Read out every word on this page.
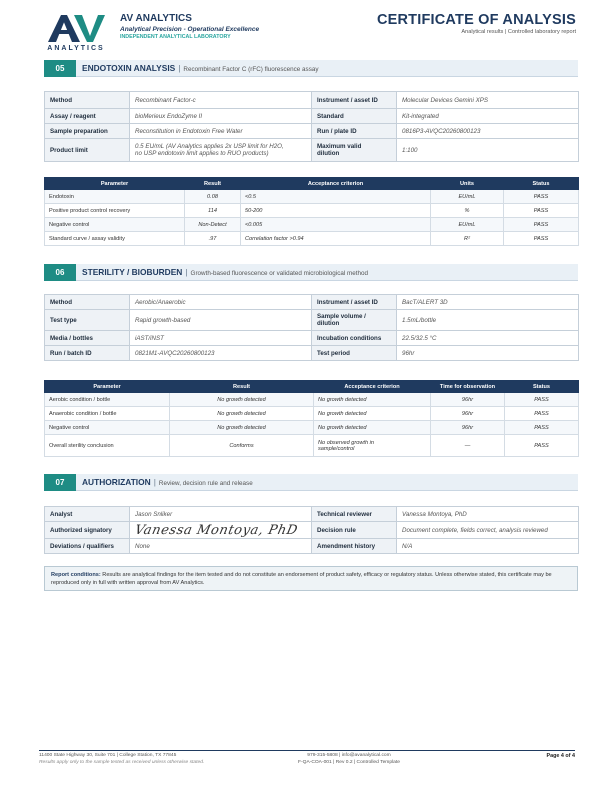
ANALYTICS
AV ANALYTICS
Analytical Precision - Operational Excellence
INDEPENDENT ANALYTICAL LABORATORY
CERTIFICATE OF ANALYSIS
Analytical results | Controlled laboratory report
05	ENDOTOXIN ANALYSIS | Recombinant Factor C (rFC) fluorescence assay
Method	Recombinant Factor-c	Instrument / asset ID	Molecular Devices Gemini XPS
Assay / reagent	bioMerieux EndoZyme II	Standard	Kit-integrated
Sample preparation	Reconstitution in Endotoxin Free Water	Run / plate ID	0816P3-AVQC20260800123
Product limit	0.5 EU/mL (AV Analytics applies 2x USP limit for H2O,
no USP endotoxin limit applies to RUO products)	Maximum valid
dilution	1:100
Parameter	Result	Acceptance criterion	Units	Status
Endotoxin	0.08	<0.5	EU/mL	PASS
Positive product control recovery	114	50-200	%	PASS
Negative control	Non-Detect	<0.005	EU/mL	PASS
Standard curve / assay validity	.97	Correlation factor >0.94	R²	PASS
06	STERILITY / BIOBURDEN | Growth-based fluorescence or validated microbiological method
Method	Aerobic/Anaerobic	Instrument / asset ID	BacT/ALERT 3D
Test type	Rapid growth-based	Sample volume /
dilution	1.5mL/bottle
Media / bottles	iAST/iNST	Incubation conditions	22.5/32.5 °C
Run / batch ID	0821M1-AVQC20260800123	Test period	96hr
Parameter	Result	Acceptance criterion	Time for observation	Status
Aerobic condition / bottle	No growth detected	No growth detected	96hr	PASS
Anaerobic condition / bottle	No growth detected	No growth detected	96hr	PASS
Negative control	No growth detected	No growth detected	96hr	PASS
Overall sterility conclusion	Conforms	No observed growth in
sample/control	—	PASS
07	AUTHORIZATION | Review, decision rule and release
Analyst	Jason Snliker	Technical reviewer	Vanessa Montoya, PhD
Authorized signatory	Vanessa Montoya, PhD	Decision rule	Document complete, fields correct, analysis reviewed
Deviations / qualifiers	None	Amendment history	N/A
Report conditions: Results are analytical findings for the item tested and do not constitute an endorsement of product safety, efficacy or regulatory status. Unless otherwise stated, this certificate may be reproduced only in full with written approval from AV Analytics.
11400 State Highway 30, Suite 701 | College Station, TX 77845
Results apply only to the sample tested as received unless otherwise stated.
979-315-5808 | info@avanalytical.com
F-QA-COA-001 | Rev 0.2 | Controlled Template
Page 4 of 4
